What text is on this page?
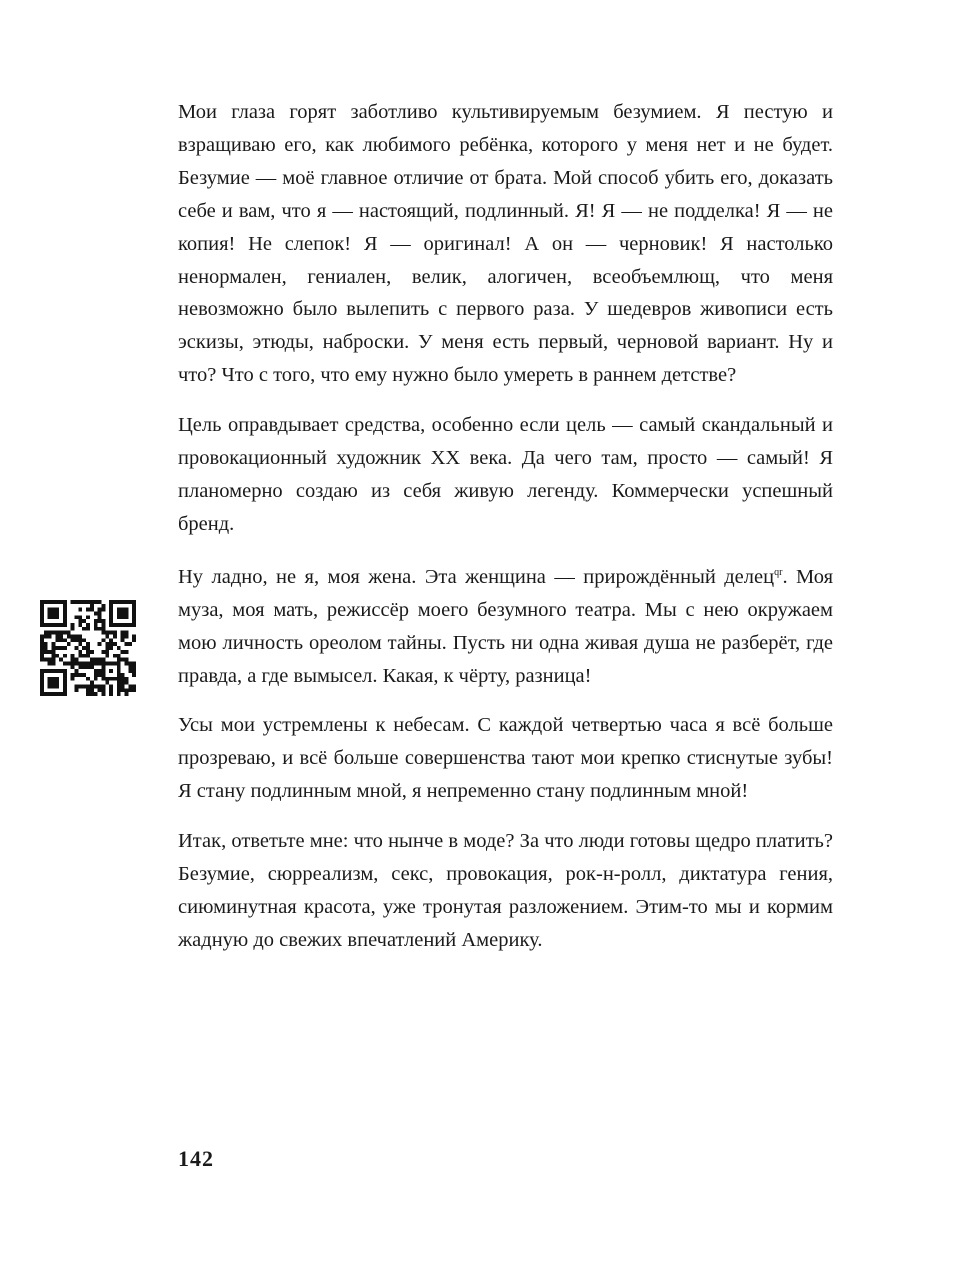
Мои глаза горят заботливо культивируемым безумием. Я пестую и взращиваю его, как любимого ребёнка, которого у меня нет и не будет. Безумие — моё главное отличие от брата. Мой способ убить его, доказать себе и вам, что я — настоящий, подлинный. Я! Я — не подделка! Я — не копия! Не слепок! Я — оригинал! А он — черновик! Я настолько ненормален, гениален, велик, алогичен, всеобъемлющ, что меня невозможно было вылепить с первого раза. У шедевров живописи есть эскизы, этюды, наброски. У меня есть первый, черновой вариант. Ну и что? Что с того, что ему нужно было умереть в раннем детстве?

Цель оправдывает средства, особенно если цель — самый скандальный и провокационный художник XX века. Да чего там, просто — самый! Я планомерно создаю из себя живую легенду. Коммерчески успешный бренд.

Ну ладно, не я, моя жена. Эта женщина — прирождённый делец$^{qr}$. Моя муза, моя мать, режиссёр моего безумного театра. Мы с нею окружаем мою личность ореолом тайны. Пусть ни одна живая душа не разберёт, где правда, а где вымысел. Какая, к чёрту, разница!

Усы мои устремлены к небесам. С каждой четвертью часа я всё больше прозреваю, и всё больше совершенства тают мои крепко стиснутые зубы! Я стану подлинным мной, я непременно стану подлинным мной!

Итак, ответьте мне: что нынче в моде? За что люди готовы щедро платить? Безумие, сюрреализм, секс, провокация, рок-н-ролл, диктатура гения, сиюминутная красота, уже тронутая разложением. Этим-то мы и кормим жадную до свежих впечатлений Америку.

142
